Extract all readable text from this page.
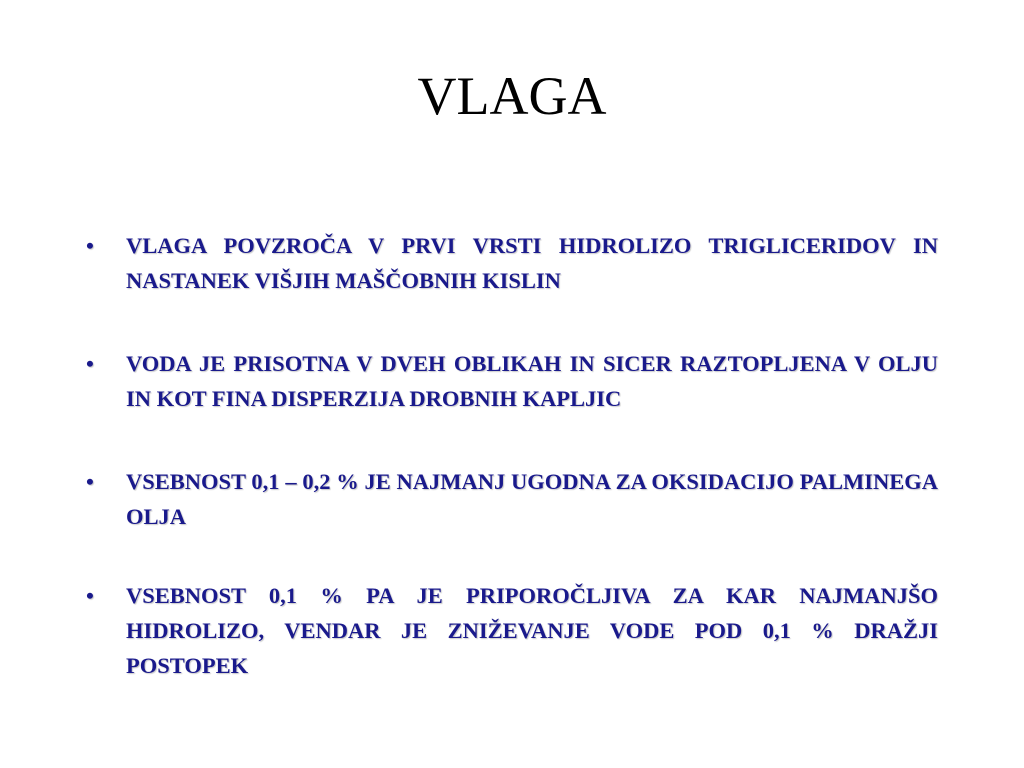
VLAGA
• VLAGA POVZROČA V PRVI VRSTI HIDROLIZO TRIGLICERIDOV IN NASTANEK VIŠJIH MAŠČOBNIH KISLIN
• VODA JE PRISOTNA V DVEH OBLIKAH IN SICER RAZTOPLJENA V OLJU IN KOT FINA DISPERZIJA DROBNIH KAPLJIC
• VSEBNOST 0,1 – 0,2 % JE NAJMANJ UGODNA ZA OKSIDACIJO PALMINEGA OLJA
• VSEBNOST 0,1 % PA JE PRIPOROČLJIVA ZA KAR NAJMANJŠO HIDROLIZO, VENDAR JE ZNIŽEVANJE VODE POD 0,1 % DRAŽJI POSTOPEK
